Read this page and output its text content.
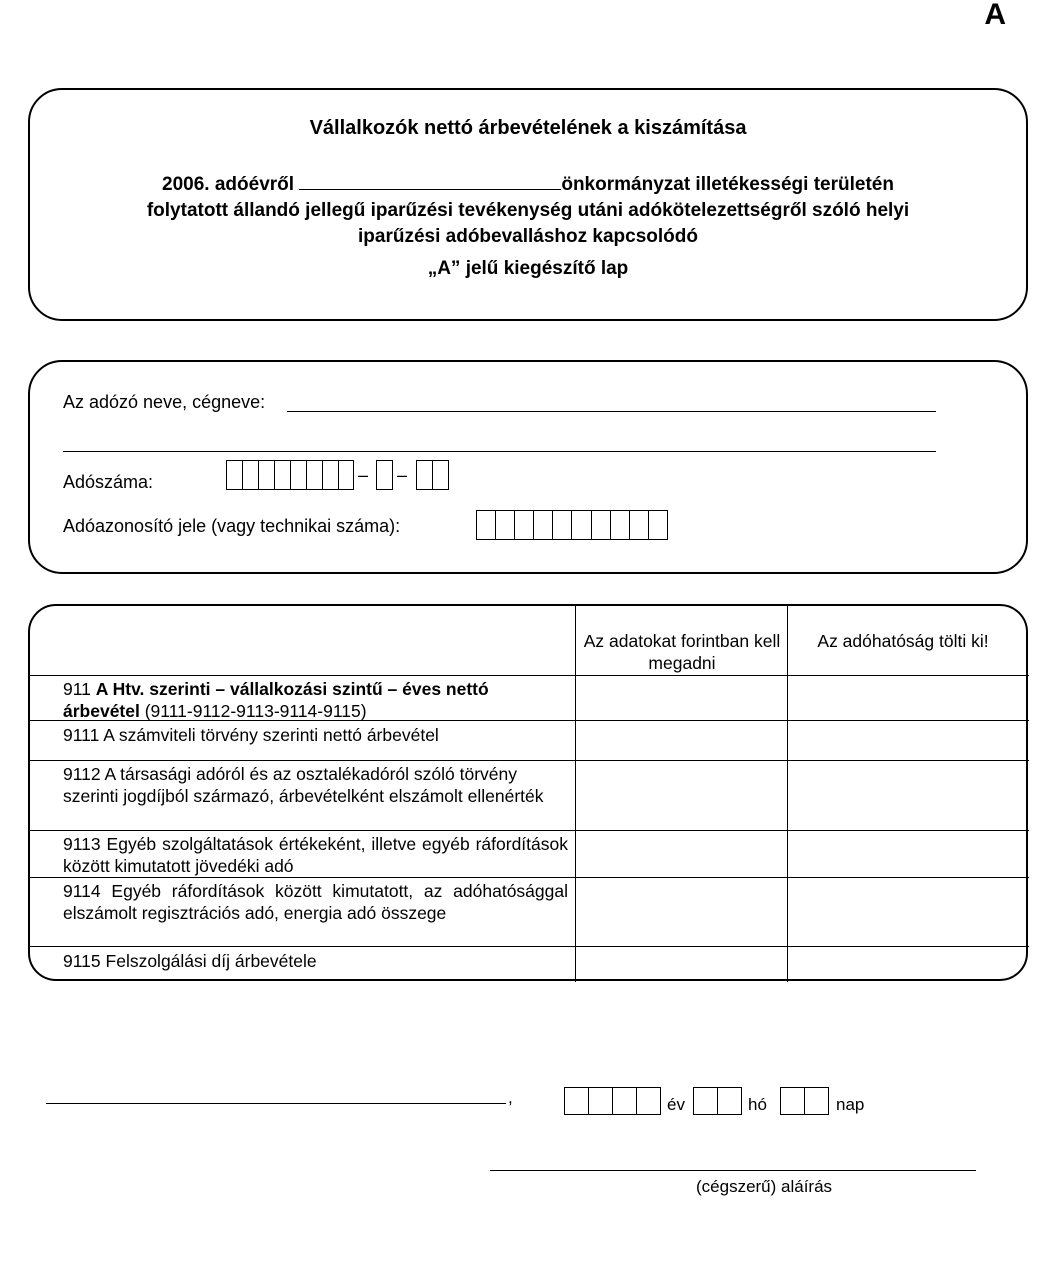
A
Vállalkozók nettó árbevételének a kiszámítása
2006. adóévről	önkormányzat illetékességi területén
folytatott állandó jellegű iparűzési tevékenység utáni adókötelezettségről szóló helyi
iparűzési adóbevalláshoz kapcsolódó
„A” jelű kiegészítő lap
Az adózó neve, cégneve:
Adószáma:	– –
Adóazonosító jele (vagy technikai száma):
Az adatokat forintban kell megadni
Az adóhatóság tölti ki!
911 A Htv. szerinti – vállalkozási szintű – éves nettó árbevétel (9111-9112-9113-9114-9115)
9111 A számviteli törvény szerinti nettó árbevétel
9112 A társasági adóról és az osztalékadóról szóló törvény szerinti jogdíjból származó, árbevételként elszámolt ellenérték
9113 Egyéb szolgáltatások értékeként, illetve egyéb ráfordítások között kimutatott jövedéki adó
9114 Egyéb ráfordítások között kimutatott, az adóhatósággal elszámolt regisztrációs adó, energia adó összege
9115 Felszolgálási díj árbevétele
,	év	hó	nap
(cégszerű) aláírás
